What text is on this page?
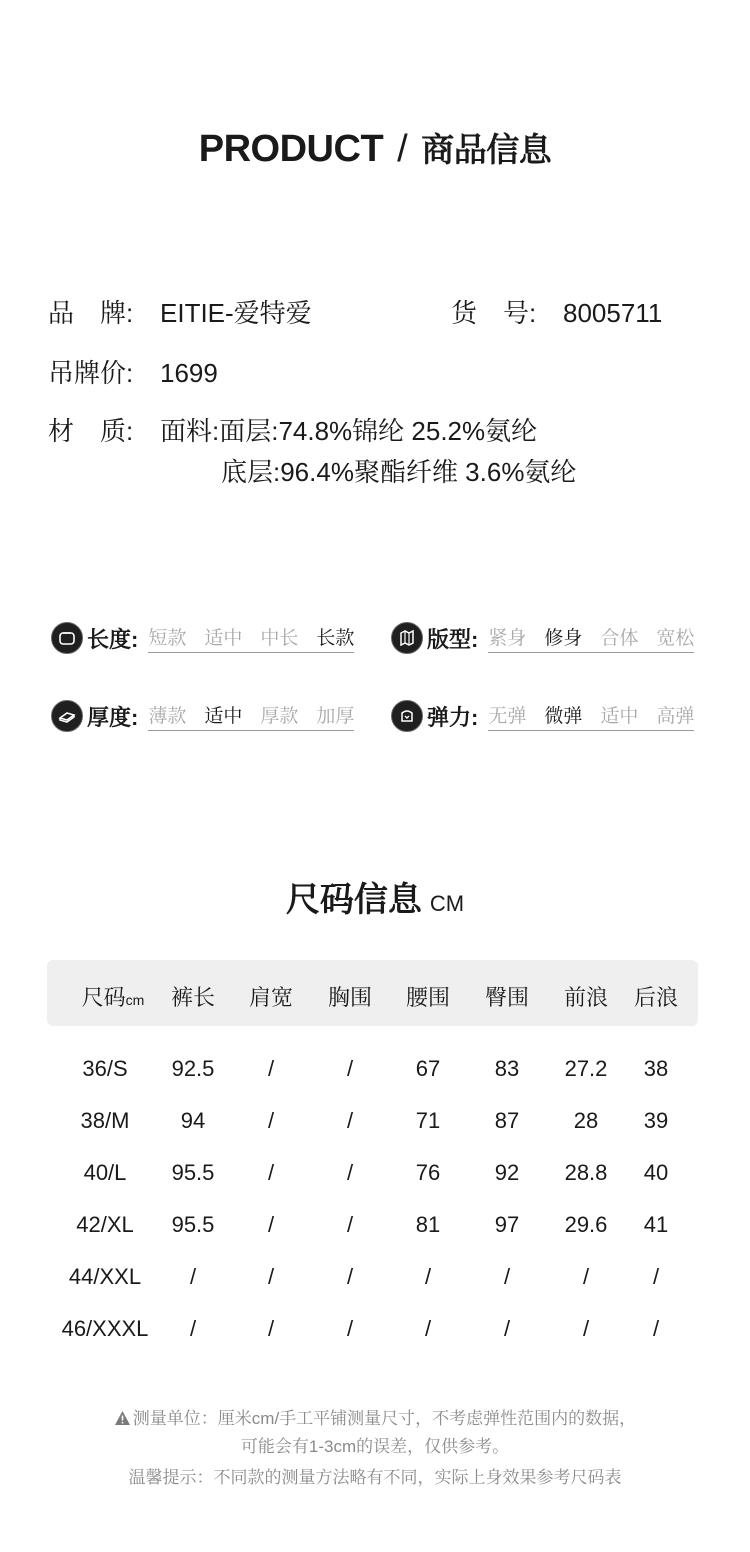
PRODUCT / 商品信息
品　牌: EITIE-爱特爱	货　号: 8005711
吊牌价: 1699
材　质: 面料:面层:74.8%锦纶 25.2%氨纶
底层:96.4%聚酯纤维 3.6%氨纶
长度: 短款 适中 中长 长款	版型: 紧身 修身 合体 宽松
厚度: 薄款 适中 厚款 加厚	弹力: 无弹 微弹 适中 高弹
尺码信息 CM
尺码cm	裤长	肩宽	胸围	腰围	臀围	前浪	后浪
36/S	92.5	/	/	67	83	27.2	38
38/M	94	/	/	71	87	28	39
40/L	95.5	/	/	76	92	28.8	40
42/XL	95.5	/	/	81	97	29.6	41
44/XXL	/	/	/	/	/	/	/
46/XXXL	/	/	/	/	/	/	/
测量单位：厘米cm/手工平铺测量尺寸，不考虑弹性范围内的数据，
可能会有1-3cm的误差，仅供参考。
温馨提示：不同款的测量方法略有不同，实际上身效果参考尺码表
